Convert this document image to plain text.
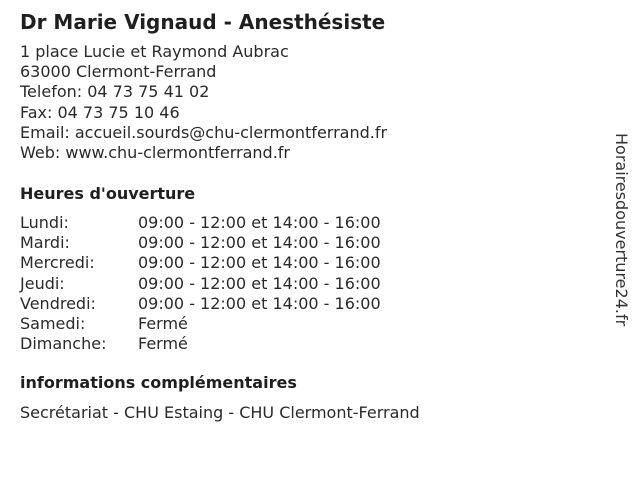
Dr Marie Vignaud - Anesthésiste
1 place Lucie et Raymond Aubrac
63000 Clermont-Ferrand
Telefon: 04 73 75 41 02
Fax: 04 73 75 10 46
Email: accueil.sourds@chu-clermontferrand.fr
Web: www.chu-clermontferrand.fr
Heures d'ouverture
Lundi:	09:00 - 12:00 et 14:00 - 16:00
Mardi:	09:00 - 12:00 et 14:00 - 16:00
Mercredi:	09:00 - 12:00 et 14:00 - 16:00
Jeudi:	09:00 - 12:00 et 14:00 - 16:00
Vendredi:	09:00 - 12:00 et 14:00 - 16:00
Samedi:	Fermé
Dimanche:	Fermé
informations complémentaires
Secrétariat - CHU Estaing - CHU Clermont-Ferrand
Horairesdouverture24.fr
